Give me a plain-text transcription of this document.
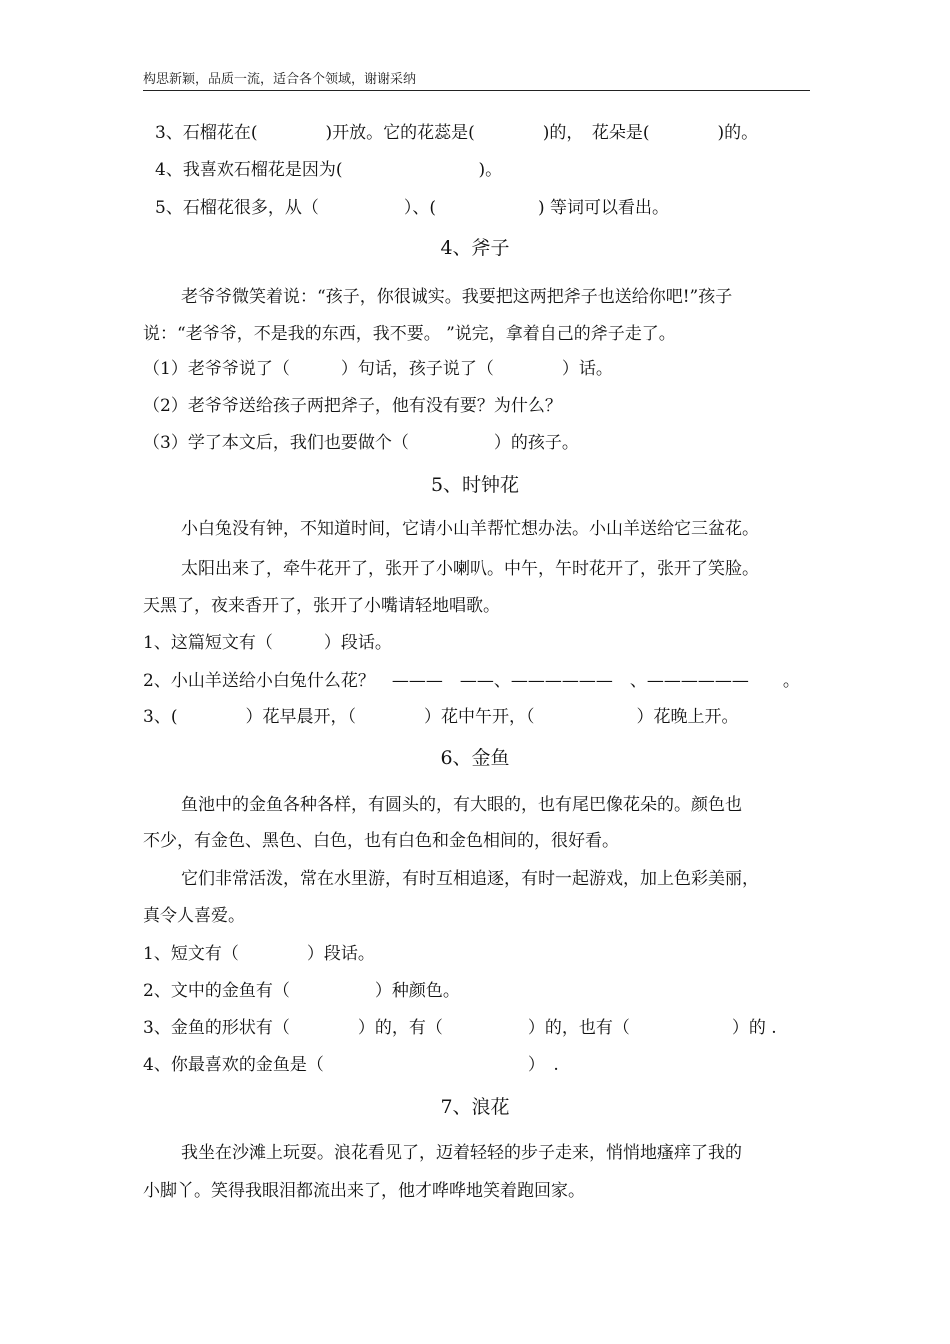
构思新颖，品质一流，适合各个领域，谢谢采纳
3、石榴花在(　　　　)开放。它的花蕊是(　　　　)的，　花朵是(　　　　)的。
4、我喜欢石榴花是因为(　　　　　　　　)。
5、石榴花很多，从（　　　　　）、(　　　　　　) 等词可以看出。
4、斧子
老爷爷微笑着说：“孩子，你很诚实。我要把这两把斧子也送给你吧!”孩子
说：“老爷爷，不是我的东西，我不要。 ”说完，拿着自己的斧子走了。
（1）老爷爷说了（　　　）句话，孩子说了（　　　　）话。
（2）老爷爷送给孩子两把斧子，他有没有要？为什么？
（3）学了本文后，我们也要做个（　　　　　）的孩子。
5、时钟花
小白兔没有钟，不知道时间，它请小山羊帮忙想办法。小山羊送给它三盆花。
太阳出来了，牵牛花开了，张开了小喇叭。中午，午时花开了，张开了笑脸。
天黑了，夜来香开了，张开了小嘴请轻地唱歌。
1、这篇短文有（　　　）段话。
2、小山羊送给小白兔什么花？　———　——、——————　、——————　　。
3、(　　　　）花早晨开，（　　　　）花中午开，（　　　　　　）花晚上开。
6、金鱼
鱼池中的金鱼各种各样，有圆头的，有大眼的，也有尾巴像花朵的。颜色也
不少，有金色、黑色、白色，也有白色和金色相间的，很好看。
它们非常活泼，常在水里游，有时互相追逐，有时一起游戏，加上色彩美丽，
真令人喜爱。
1、短文有（　　　　）段话。
2、文中的金鱼有（　　　　　）种颜色。
3、金鱼的形状有（　　　　）的，有（　　　　　）的，也有（　　　　　　）的 .
4、你最喜欢的金鱼是（　　　　　　　　　　　　）　.
7、浪花
我坐在沙滩上玩耍。浪花看见了，迈着轻轻的步子走来，悄悄地瘙痒了我的
小脚丫。笑得我眼泪都流出来了，他才哗哗地笑着跑回家。
